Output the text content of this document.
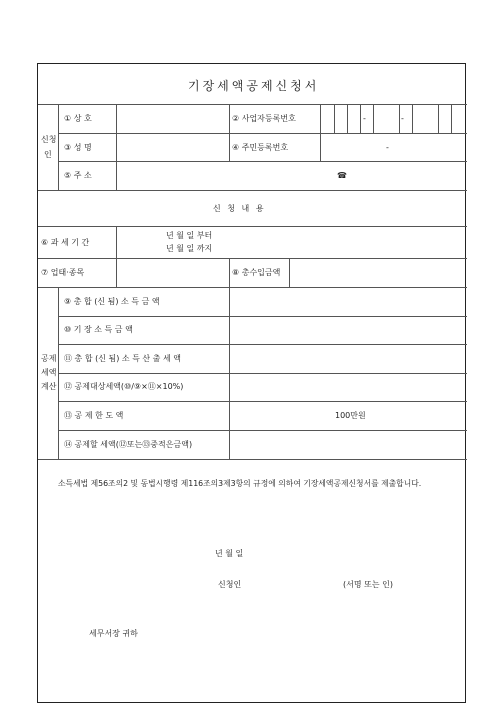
기장세액공제신청서
신청
인
① 상 호	② 사업자등록번호	-	-
③ 성 명	④ 주민등록번호	-
⑤ 주 소	☎
신 청 내 용
⑥ 과 세 기 간
년 월 일 부터
년 월 일 까지
⑦ 업태·종목	⑧ 총수입금액
공제
세액
계산
⑨ 총 합 (신 됨) 소 득 금 액
⑩ 기 장 소 득 금 액
⑪ 총 합 (신 됨) 소 득 산 출 세 액
⑫ 공제대상세액(⑩/⑨×⑪×10%)
⑬ 공 제 한 도 액	100만원
⑭ 공제할 세액(⑫또는⑬중적은금액)
소득세법 제56조의2 및 동법시행령 제116조의3제3항의 규정에 의하여 기장세액공제신청서를 제출합니다.
년 월 일
신청인	(서명 또는 인)
세무서장 귀하
